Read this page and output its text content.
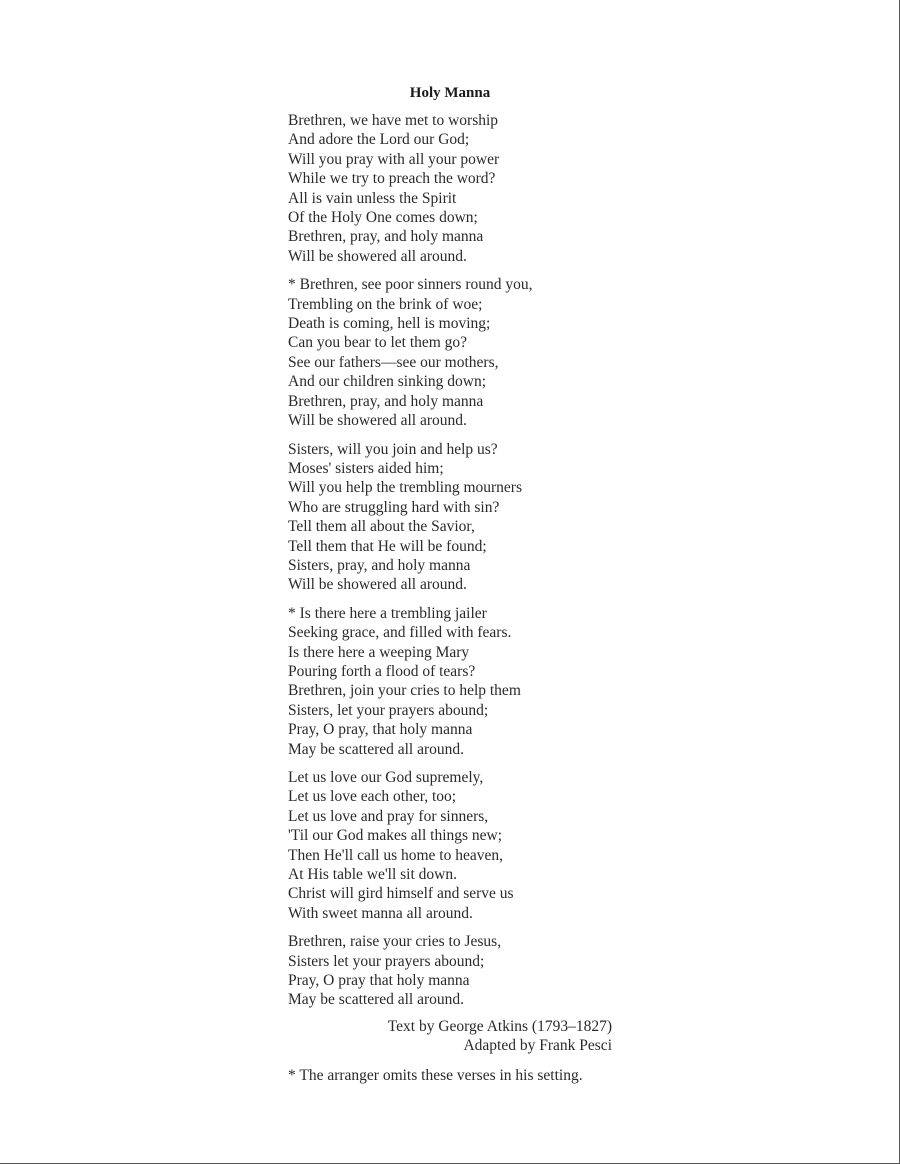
Holy Manna
Brethren, we have met to worship
And adore the Lord our God;
Will you pray with all your power
While we try to preach the word?
All is vain unless the Spirit
Of the Holy One comes down;
Brethren, pray, and holy manna
Will be showered all around.
* Brethren, see poor sinners round you,
Trembling on the brink of woe;
Death is coming, hell is moving;
Can you bear to let them go?
See our fathers—see our mothers,
And our children sinking down;
Brethren, pray, and holy manna
Will be showered all around.
Sisters, will you join and help us?
Moses' sisters aided him;
Will you help the trembling mourners
Who are struggling hard with sin?
Tell them all about the Savior,
Tell them that He will be found;
Sisters, pray, and holy manna
Will be showered all around.
* Is there here a trembling jailer
Seeking grace, and filled with fears.
Is there here a weeping Mary
Pouring forth a flood of tears?
Brethren, join your cries to help them
Sisters, let your prayers abound;
Pray, O pray, that holy manna
May be scattered all around.
Let us love our God supremely,
Let us love each other, too;
Let us love and pray for sinners,
'Til our God makes all things new;
Then He'll call us home to heaven,
At His table we'll sit down.
Christ will gird himself and serve us
With sweet manna all around.
Brethren, raise your cries to Jesus,
Sisters let your prayers abound;
Pray, O pray that holy manna
May be scattered all around.
Text by George Atkins (1793–1827)
Adapted by Frank Pesci
* The arranger omits these verses in his setting.
